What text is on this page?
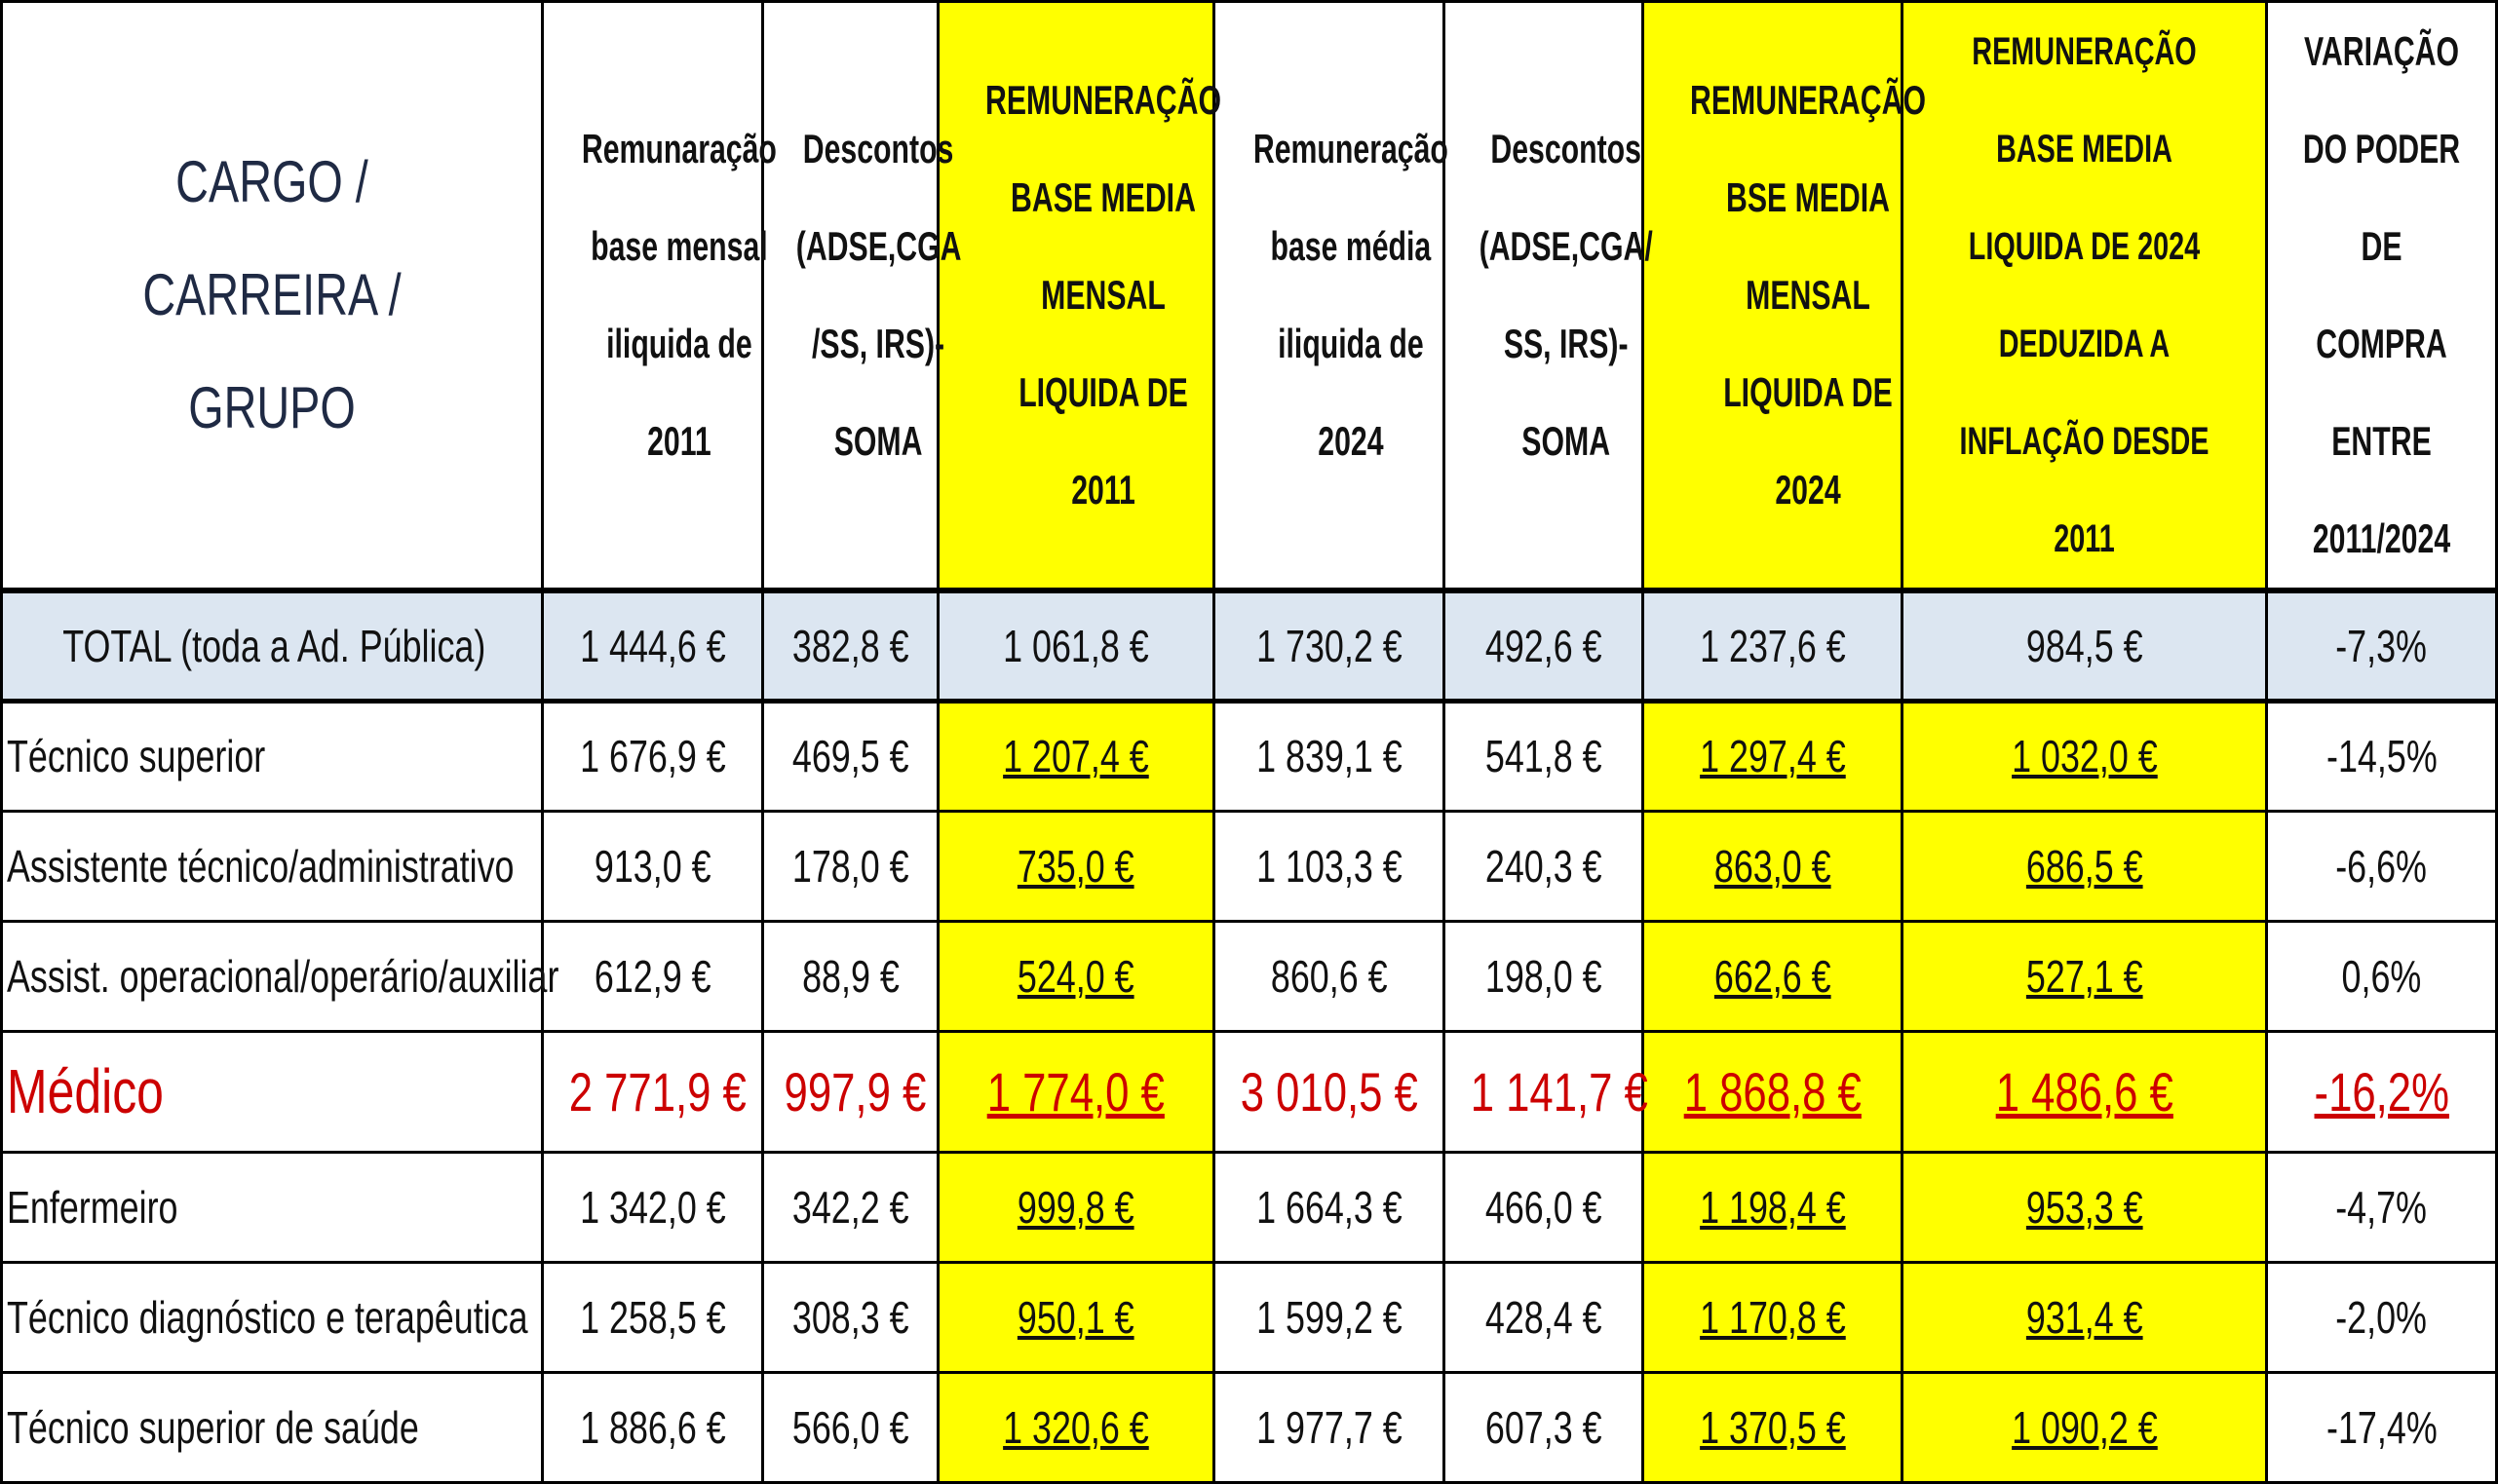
CARGO / CARREIRA / GRUPO	Remunaração base mensal iliquida de 2011	Descontos (ADSE,CGA /SS, IRS)- SOMA	REMUNERAÇÃO BASE MEDIA MENSAL LIQUIDA DE 2011	Remuneração base média iliquida de 2024	Descontos (ADSE,CGA/ SS, IRS)- SOMA	REMUNERAÇÃO BSE MEDIA MENSAL LIQUIDA DE 2024	REMUNERAÇÃO BASE MEDIA LIQUIDA DE 2024 DEDUZIDA A INFLAÇÃO DESDE 2011	VARIAÇÃO DO PODER DE COMPRA ENTRE 2011/2024
TOTAL (toda a Ad. Pública)	1 444,6 €	382,8 €	1 061,8 €	1 730,2 €	492,6 €	1 237,6 €	984,5 €	-7,3%
Técnico superior	1 676,9 €	469,5 €	1 207,4 €	1 839,1 €	541,8 €	1 297,4 €	1 032,0 €	-14,5%
Assistente técnico/administrativo	913,0 €	178,0 €	735,0 €	1 103,3 €	240,3 €	863,0 €	686,5 €	-6,6%
Assist. operacional/operário/auxiliar	612,9 €	88,9 €	524,0 €	860,6 €	198,0 €	662,6 €	527,1 €	0,6%
Médico	2 771,9 €	997,9 €	1 774,0 €	3 010,5 €	1 141,7 €	1 868,8 €	1 486,6 €	-16,2%
Enfermeiro	1 342,0 €	342,2 €	999,8 €	1 664,3 €	466,0 €	1 198,4 €	953,3 €	-4,7%
Técnico diagnóstico e terapêutica	1 258,5 €	308,3 €	950,1 €	1 599,2 €	428,4 €	1 170,8 €	931,4 €	-2,0%
Técnico superior de saúde	1 886,6 €	566,0 €	1 320,6 €	1 977,7 €	607,3 €	1 370,5 €	1 090,2 €	-17,4%
